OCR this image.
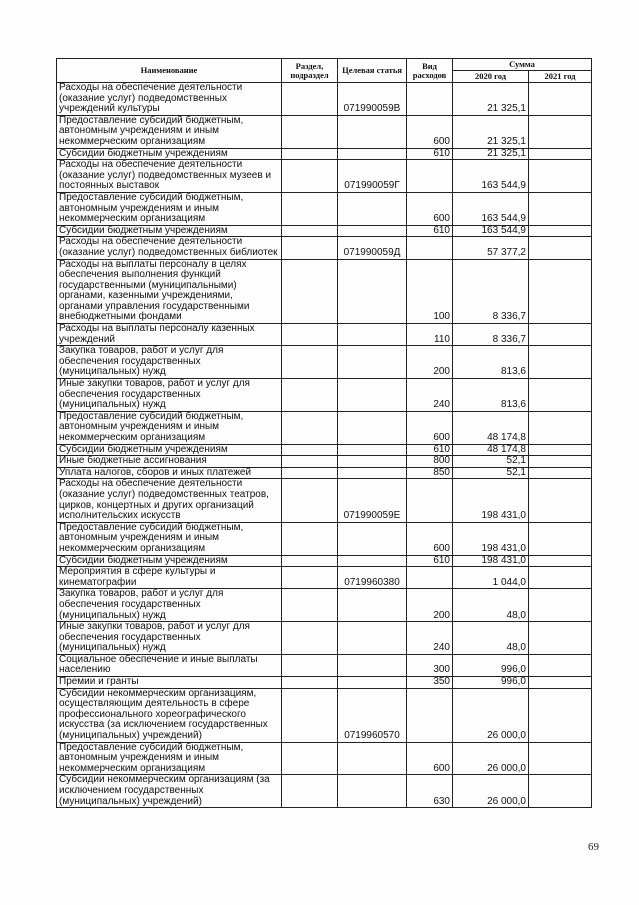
Наименование	Раздел, подраздел	Целевая статья	Вид расходов	Сумма	
				2020 год	2021 год
Расходы на обеспечение деятельности (оказание услуг) подведомственных учреждений культуры		071990059В		21 325,1	
Предоставление субсидий бюджетным, автономным учреждениям и иным некоммерческим организациям			600	21 325,1	
Субсидии бюджетным учреждениям			610	21 325,1	
Расходы на обеспечение деятельности (оказание услуг) подведомственных музеев и постоянных выставок		071990059Г		163 544,9	
Предоставление субсидий бюджетным, автономным учреждениям и иным некоммерческим организациям			600	163 544,9	
Субсидии бюджетным учреждениям			610	163 544,9	
Расходы на обеспечение деятельности (оказание услуг) подведомственных библиотек		071990059Д		57 377,2	
Расходы на выплаты персоналу в целях обеспечения выполнения функций государственными (муниципальными) органами, казенными учреждениями, органами управления государственными внебюджетными фондами			100	8 336,7	
Расходы на выплаты персоналу казенных учреждений			110	8 336,7	
Закупка товаров, работ и услуг для обеспечения государственных (муниципальных) нужд			200	813,6	
Иные закупки товаров, работ и услуг для обеспечения государственных (муниципальных) нужд			240	813,6	
Предоставление субсидий бюджетным, автономным учреждениям и иным некоммерческим организациям			600	48 174,8	
Субсидии бюджетным учреждениям			610	48 174,8	
Иные бюджетные ассигнования			800	52,1	
Уплата налогов, сборов и иных платежей			850	52,1	
Расходы на обеспечение деятельности (оказание услуг) подведомственных театров, цирков, концертных и других организаций исполнительских искусств		071990059Е		198 431,0	
Предоставление субсидий бюджетным, автономным учреждениям и иным некоммерческим организациям			600	198 431,0	
Субсидии бюджетным учреждениям			610	198 431,0	
Мероприятия в сфере культуры и кинематографии		0719960380		1 044,0	
Закупка товаров, работ и услуг для обеспечения государственных (муниципальных) нужд			200	48,0	
Иные закупки товаров, работ и услуг для обеспечения государственных (муниципальных) нужд			240	48,0	
Социальное обеспечение и иные выплаты населению			300	996,0	
Премии и гранты			350	996,0	
Субсидии некоммерческим организациям, осуществляющим деятельность в сфере профессионального хореографического искусства (за исключением государственных (муниципальных) учреждений)		0719960570		26 000,0	
Предоставление субсидий бюджетным, автономным учреждениям и иным некоммерческим организациям			600	26 000,0	
Субсидии некоммерческим организациям (за исключением государственных (муниципальных) учреждений)			630	26 000,0	
69
